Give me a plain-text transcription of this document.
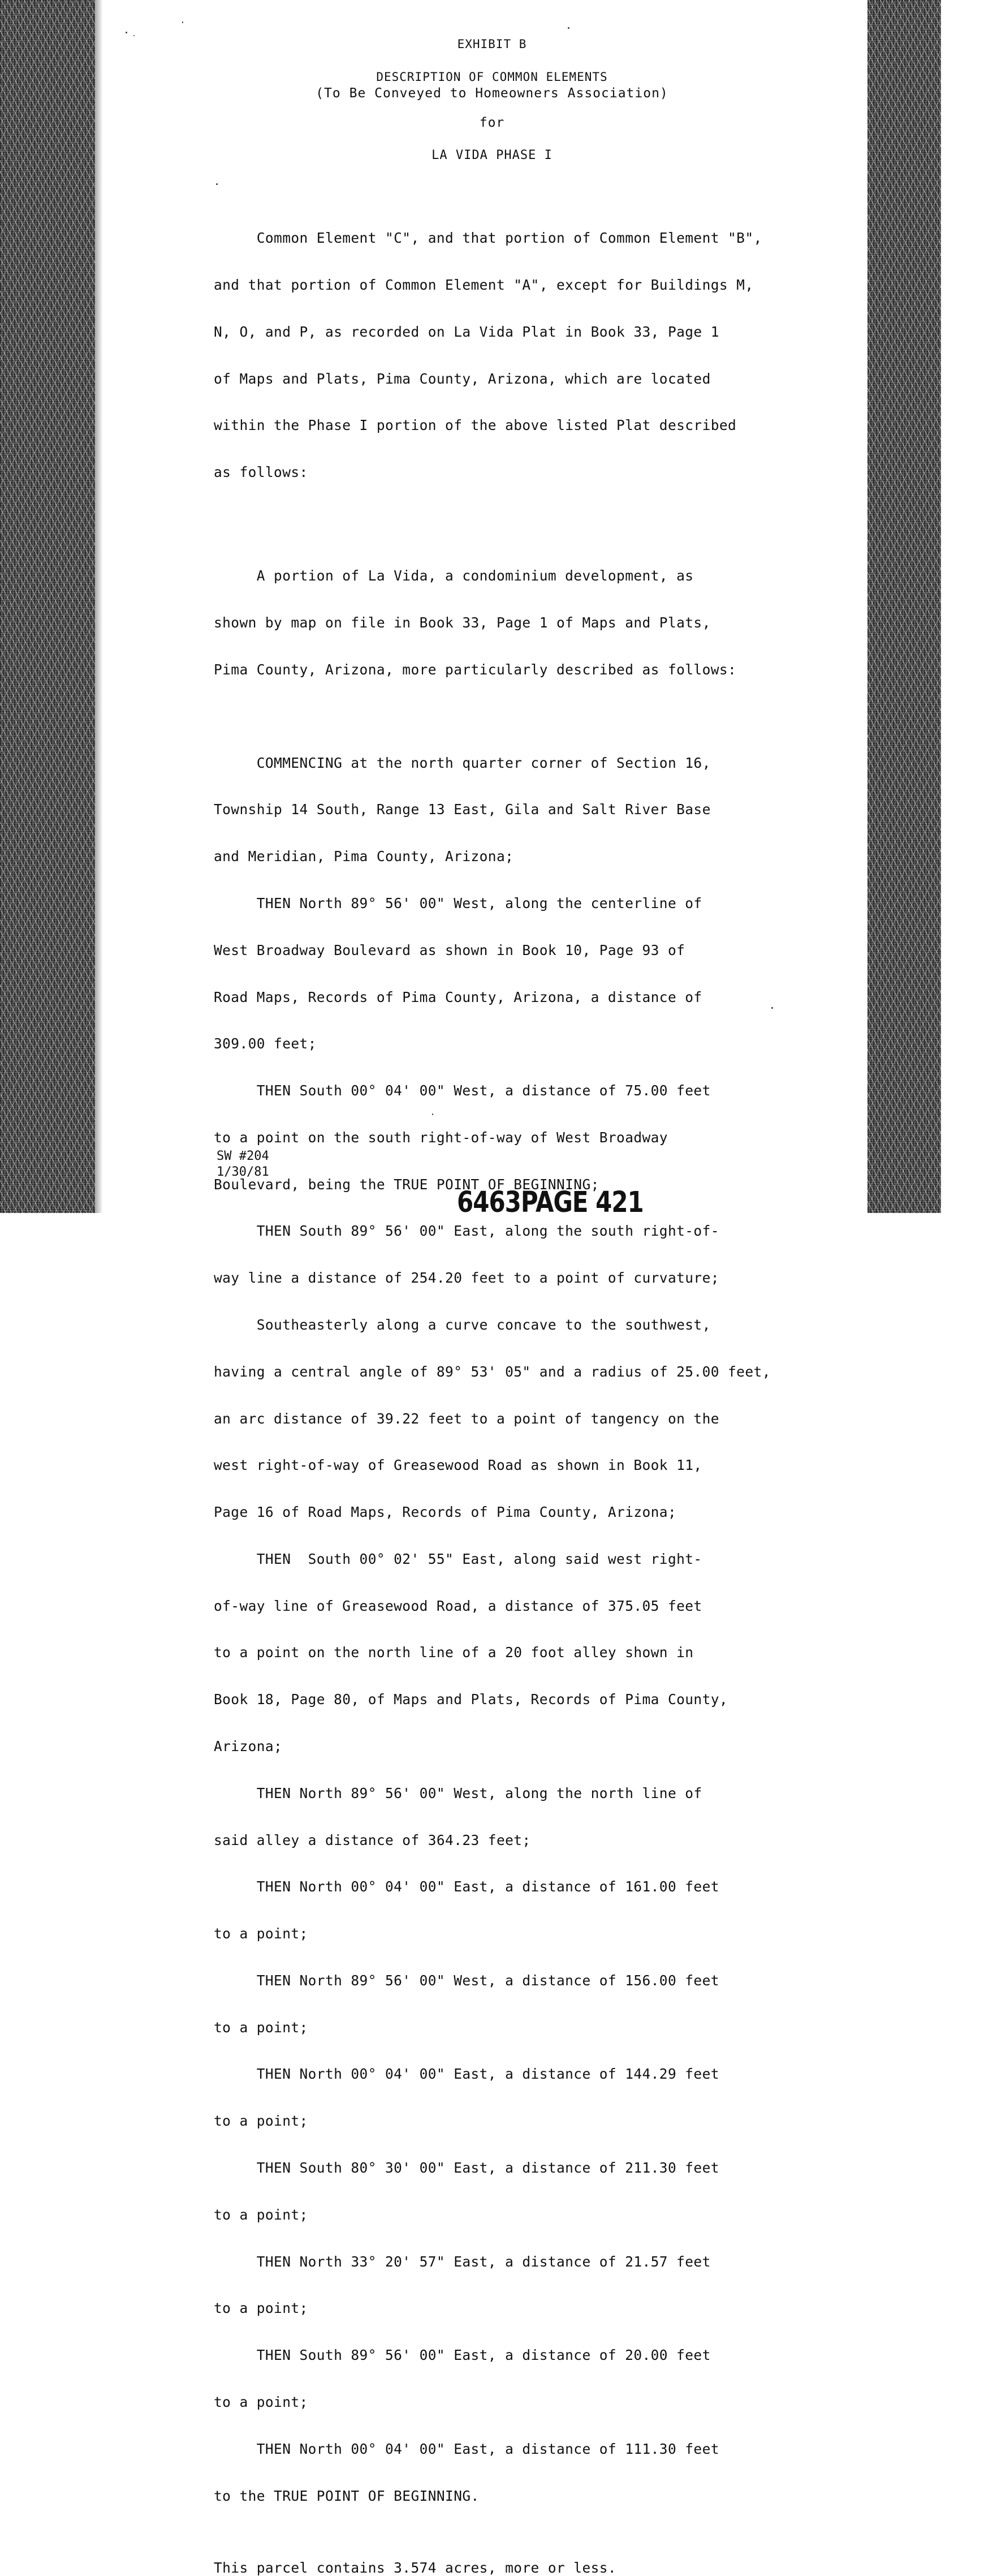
EXHIBIT B
DESCRIPTION OF COMMON ELEMENTS
(To Be Conveyed to Homeowners Association)
for
LA VIDA PHASE I

Common Element "C", and that portion of Common Element "B",

and that portion of Common Element "A", except for Buildings M,

N, O, and P, as recorded on La Vida Plat in Book 33, Page 1

of Maps and Plats, Pima County, Arizona, which are located

within the Phase I portion of the above listed Plat described

as follows:

A portion of La Vida, a condominium development, as

shown by map on file in Book 33, Page 1 of Maps and Plats,

Pima County, Arizona, more particularly described as follows:

COMMENCING at the north quarter corner of Section 16,

Township 14 South, Range 13 East, Gila and Salt River Base

and Meridian, Pima County, Arizona;

THEN North 89° 56' 00" West, along the centerline of

West Broadway Boulevard as shown in Book 10, Page 93 of

Road Maps, Records of Pima County, Arizona, a distance of

309.00 feet;

THEN South 00° 04' 00" West, a distance of 75.00 feet

to a point on the south right-of-way of West Broadway

Boulevard, being the TRUE POINT OF BEGINNING;

THEN South 89° 56' 00" East, along the south right-of-

way line a distance of 254.20 feet to a point of curvature;

Southeasterly along a curve concave to the southwest,

having a central angle of 89° 53' 05" and a radius of 25.00 feet,

an arc distance of 39.22 feet to a point of tangency on the

west right-of-way of Greasewood Road as shown in Book 11,

Page 16 of Road Maps, Records of Pima County, Arizona;

THEN  South 00° 02' 55" East, along said west right-

of-way line of Greasewood Road, a distance of 375.05 feet

to a point on the north line of a 20 foot alley shown in

Book 18, Page 80, of Maps and Plats, Records of Pima County,

Arizona;

THEN North 89° 56' 00" West, along the north line of

said alley a distance of 364.23 feet;

THEN North 00° 04' 00" East, a distance of 161.00 feet

to a point;

THEN North 89° 56' 00" West, a distance of 156.00 feet

to a point;

THEN North 00° 04' 00" East, a distance of 144.29 feet

to a point;

THEN South 80° 30' 00" East, a distance of 211.30 feet

to a point;

THEN North 33° 20' 57" East, a distance of 21.57 feet

to a point;

THEN South 89° 56' 00" East, a distance of 20.00 feet

to a point;

THEN North 00° 04' 00" East, a distance of 111.30 feet

to the TRUE POINT OF BEGINNING.

This parcel contains 3.574 acres, more or less.
SW #204
1/30/81
6463PAGE 421
